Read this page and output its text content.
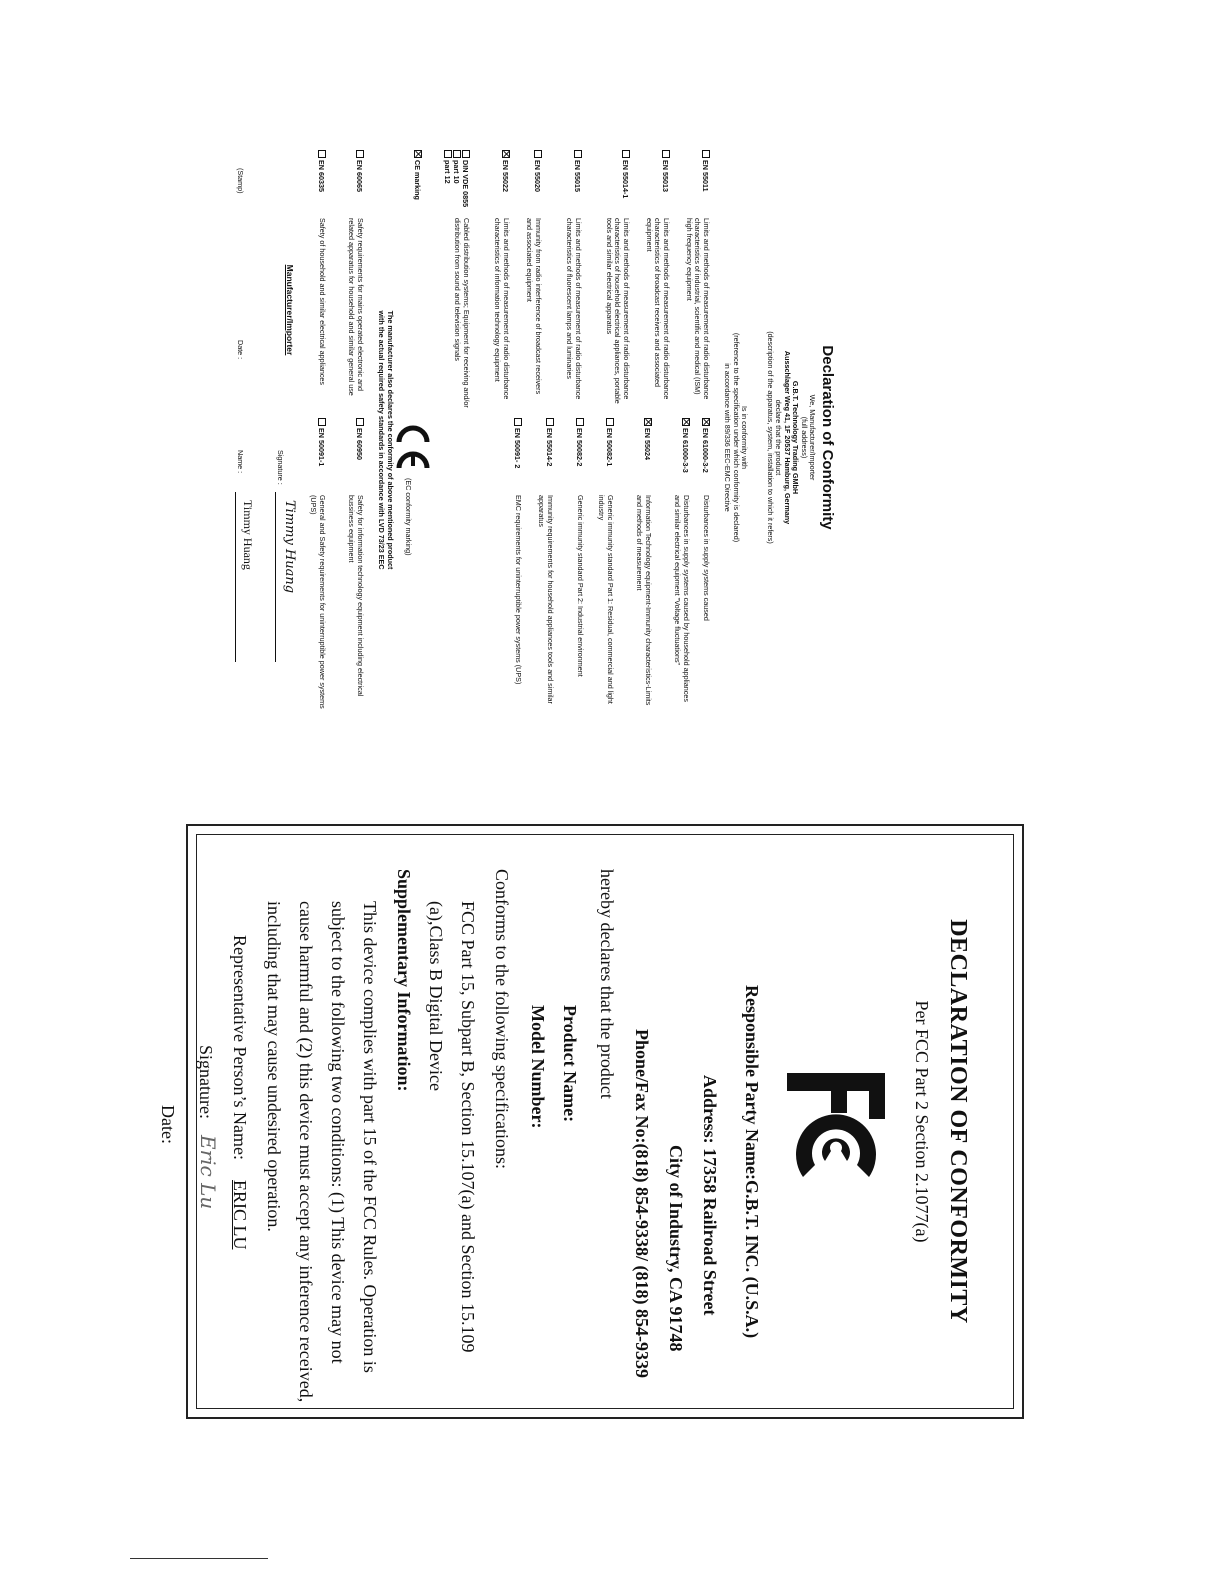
Declaration of Conformity
We, Manufacturer/Importer
(full address)
G.B.T. Technology Trading GMbH
Ausschlager Weg 41, 1F 20537 Hamburg, Germany
declare that the product
(description of the apparatus, system, installation to which it refers)
Is in conformity with
(reference to the specification under which conformity is declared)
in accordance with 89/336 EEC-EMC Directive
EN 55011
Limits and methods of measurement of radio disturbance characteristics of industrial, scientific and medical (ISM) high frequency equipment
EN 55013
Limits and methods of measurement of radio disturbance characteristics of broadcast receivers and associated equipment
EN 55014-1
Limits and methods of measurement of radio disturbance characteristics of household electrical appliances, portable tools and similar electrical apparatus
EN 55015
Limits and methods of measurement of radio disturbance characteristics of fluorescent lamps and luminaries
EN 55020
Immunity from radio interference of broadcast receivers and associated equipment
EN 55022
Limits and methods of measurement of radio disturbance characteristics of information technology equipment
DIN VDE 0855
part 10
part 12
Cabled distribution systems; Equipment for receiving and/or distribution from sound and television signals
EN 61000-3-2
Disturbances in supply systems caused
EN 61000-3-3
Disturbances in supply systems caused by household appliances and similar electrical equipment "Voltage fluctuations"
EN 55024
Information Technology equipment-Immunity characteristics-Limits and methods of measurement
EN 50082-1
Generic immunity standard Part 1: Residual, commercial and light industry
EN 50082-2
Generic immunity standard Part 2: Industrial environment
EN 55014-2
Immunity requirements for household appliances tools and similar apparatus
EN 50091- 2
EMC requirements for uninterruptible power systems (UPS)
CE marking
(EC conformity marking)
The manufacturer also declares the conformity of above mentioned product
with the actual required safety standards in accordance with LVD 73/23 EEC
EN 60065
Safety requirements for mains operated electronic and related apparatus for household and similar general use
EN 60950
Safety for information technology equipment including electrical bussiness equipment
EN 60335
Safety of household and similar electrical appliances
EN 50091-1
General and Safety requirements for uninterruptible power systems (UPS)
Manufacturer/Importer
Signature :
Timmy Huang
(Stamp)
Date :
Name :
Timmy Huang
DECLARATION OF CONFORMITY
Per FCC Part 2 Section 2.1077(a)
Responsible Party Name:G.B.T. INC. (U.S.A.)
Address: 17358 Railroad Street
City of Industry, CA 91748
Phone/Fax No:(818) 854-9338/ (818) 854-9339
hereby declares that the product
Product Name:
Model Number:
Conforms to the following specifications:
FCC Part 15, Subpart B, Section 15.107(a) and Section 15.109
(a),Class B Digital Device
Supplementary Information:
This device complies with part 15 of the FCC Rules. Operation is
subject to the following two conditions: (1) This device may not
cause harmful and (2) this device must accept any inference received,
including that may cause undesired operation.
Representative Person’s Name:
ERIC LU
Signature:
Eric Lu
Date:
